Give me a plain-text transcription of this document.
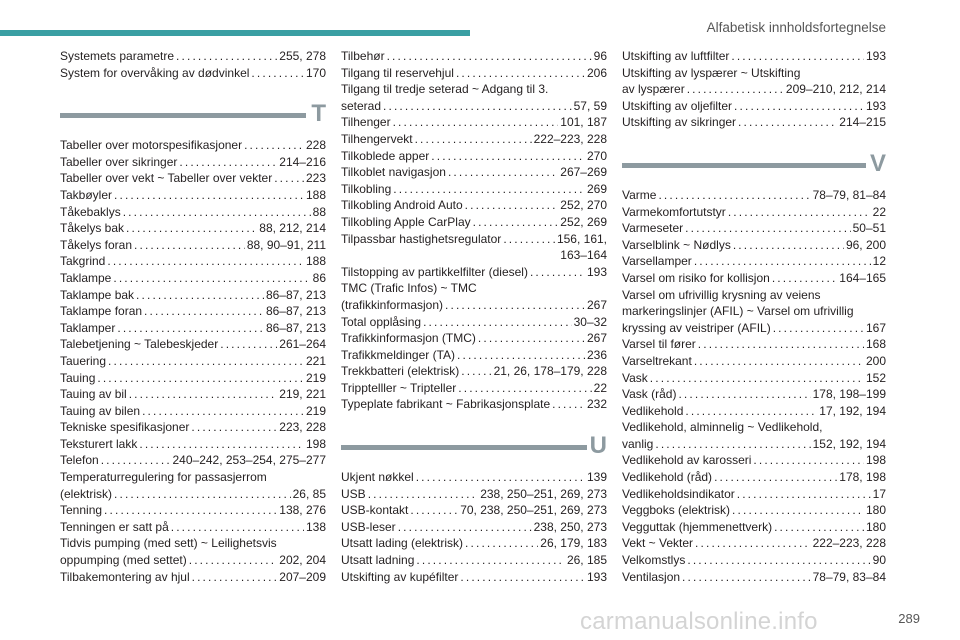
Alfabetisk innholdsfortegnelse
Systemets parametre . . .	255, 278
System for overvåking av dødvinkel . . .	170
T
Tabeller over motorspesifikasjoner . . .	228
Tabeller over sikringer . . .	214–216
Tabeller over vekt ~ Tabeller over vekter . . .	223
Takbøyler . . .	188
Tåkebaklys . . .	88
Tåkelys bak . . .	88, 212, 214
Tåkelys foran . . .	88, 90–91, 211
Takgrind . . .	188
Taklampe . . .	86
Taklampe bak . . .	86–87, 213
Taklampe foran . . .	86–87, 213
Taklamper . . .	86–87, 213
Talebetjening ~ Talebeskjeder . . .	261–264
Tauering . . .	221
Tauing . . .	219
Tauing av bil . . .	219, 221
Tauing av bilen . . .	219
Tekniske spesifikasjoner . . .	223, 228
Teksturert lakk . . .	198
Telefon . . .	240–242, 253–254, 275–277
Temperaturregulering for passasjerrom
(elektrisk) . . .	26, 85
Tenning . . .	138, 276
Tenningen er satt på . . .	138
Tidvis pumping (med sett) ~ Leilighetsvis
oppumping (med settet) . . .	202, 204
Tilbakemontering av hjul . . .	207–209
Tilbehør . . .	96
Tilgang til reservehjul . . .	206
Tilgang til tredje seterad ~ Adgang til 3.
seterad . . .	57, 59
Tilhenger . . .	101, 187
Tilhengervekt . . .	222–223, 228
Tilkoblede apper . . .	270
Tilkoblet navigasjon . . .	267–269
Tilkobling . . .	269
Tilkobling Android Auto . . .	252, 270
Tilkobling Apple CarPlay . . .	252, 269
Tilpassbar hastighetsregulator . . .	156, 161,
163–164
Tilstopping av partikkelfilter (diesel) . . .	193
TMC (Trafic Infos) ~ TMC
(trafikkinformasjon) . . .	267
Total opplåsing . . .	30–32
Trafikkinformasjon (TMC) . . .	267
Trafikkmeldinger (TA) . . .	236
Trekkbatteri (elektrisk) . . .	21, 26, 178–179, 228
Tripptelller ~ Tripteller . . .	22
Typeplate fabrikant ~ Fabrikasjonsplate . . .	232
U
Ukjent nøkkel . . .	139
USB . . .	238, 250–251, 269, 273
USB-kontakt . . .	70, 238, 250–251, 269, 273
USB-leser . . .	238, 250, 273
Utsatt lading (elektrisk) . . .	26, 179, 183
Utsatt ladning . . .	26, 185
Utskifting av kupéfilter . . .	193
Utskifting av luftfilter . . .	193
Utskifting av lyspærer ~ Utskifting
av lyspærer . . .	209–210, 212, 214
Utskifting av oljefilter . . .	193
Utskifting av sikringer . . .	214–215
V
Varme . . .	78–79, 81–84
Varmekomfortutstyr . . .	22
Varmeseter . . .	50–51
Varselblink ~ Nødlys . . .	96, 200
Varsellamper . . .	12
Varsel om risiko for kollisjon . . .	164–165
Varsel om ufrivillig krysning av veiens
markeringslinjer (AFIL) ~ Varsel om ufrivillig
kryssing av veistriper (AFIL) . . .	167
Varsel til fører . . .	168
Varseltrekant . . .	200
Vask . . .	152
Vask (råd) . . .	178, 198–199
Vedlikehold . . .	17, 192, 194
Vedlikehold, alminnelig ~ Vedlikehold,
vanlig . . .	152, 192, 194
Vedlikehold av karosseri . . .	198
Vedlikehold (råd) . . .	178, 198
Vedlikeholdsindikator . . .	17
Veggboks (elektrisk) . . .	180
Vegguttak (hjemmenettverk) . . .	180
Vekt ~ Vekter . . .	222–223, 228
Velkomstlys . . .	90
Ventilasjon . . .	78–79, 83–84
carmanualsonline.info	289
